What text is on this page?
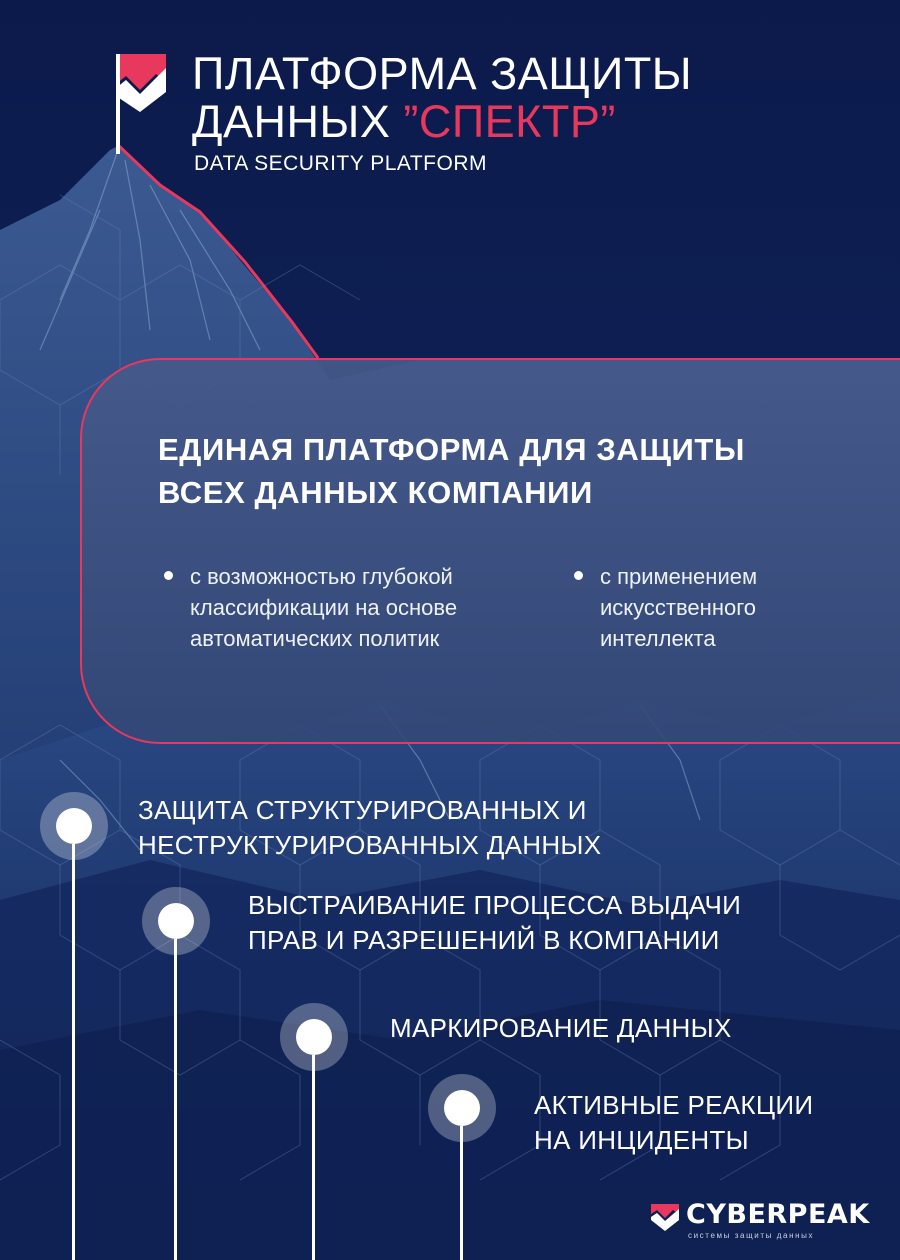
ПЛАТФОРМА ЗАЩИТЫ
ДАННЫХ ”СПЕКТР”
DATA SECURITY PLATFORM
ЕДИНАЯ ПЛАТФОРМА ДЛЯ ЗАЩИТЫ
ВСЕХ ДАННЫХ КОМПАНИИ
с возможностью глубокой
классификации на основе
автоматических политик
с применением
искусственного
интеллекта
ЗАЩИТА СТРУКТУРИРОВАННЫХ И
НЕСТРУКТУРИРОВАННЫХ ДАННЫХ
ВЫСТРАИВАНИЕ ПРОЦЕССА ВЫДАЧИ
ПРАВ И РАЗРЕШЕНИЙ В КОМПАНИИ
МАРКИРОВАНИЕ ДАННЫХ
АКТИВНЫЕ РЕАКЦИИ
НА ИНЦИДЕНТЫ
CYBERPEAK
системы защиты данных
